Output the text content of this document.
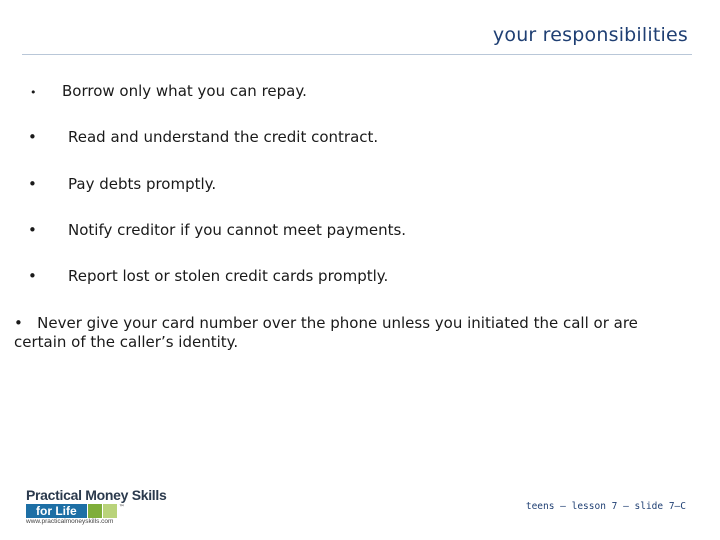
your responsibilities
• Borrow only what you can repay.
• Read and understand the credit contract.
• Pay debts promptly.
• Notify creditor if you cannot meet payments.
• Report lost or stolen credit cards promptly.
• Never give your card number over the phone unless you initiated the call or are certain of the caller’s identity.
Practical Money Skills
for Life	™
www.practicalmoneyskills.com
teens – lesson 7 – slide 7–C
